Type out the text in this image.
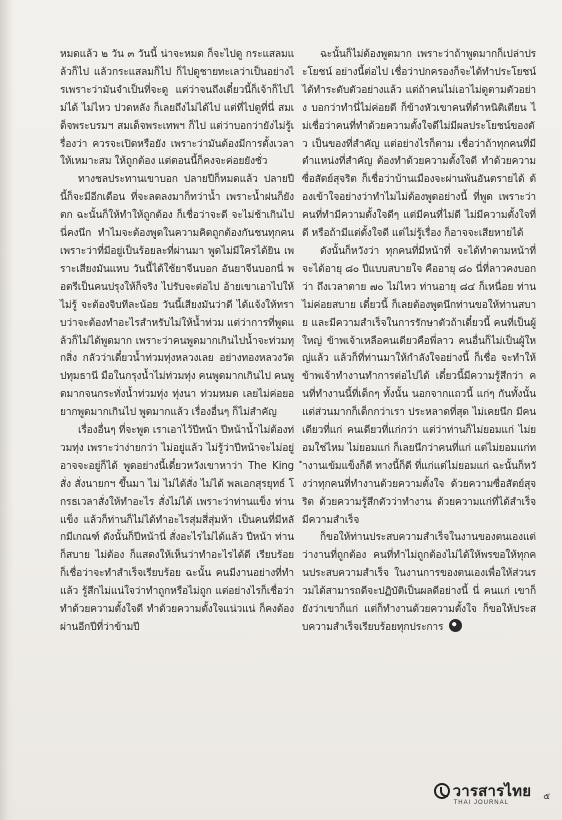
หมดแล้ว ๒ วัน ๓ วันนี้ น่าจะหมด ก็จะไปดู กระแสลมแล้วก็ไป แล้วกระแสลมก็ไป ก็ไปดูชายทะเลว่าเป็นอย่างไรเพราะว่ามันจำเป็นที่จะดู แต่ว่าจนถึงเดี๋ยวนี้ก็เจ้าก็ไปไม่ได้ ไม่ไหว ปวดหลัง ก็เลยถึงไม่ได้ไป แต่ที่ไปดูที่นี่ สมเด็จพระบรมฯ สมเด็จพระเทพฯ ก็ไป แต่ว่าบอกว่ายังไม่รู้เรื่องว่า ควรจะเปิดหรือยัง เพราะว่ามันต้องมีการตั้งเวลาให้เหมาะสม ให้ถูกต้อง แต่ตอนนี้ก็คงจะค่อยยังชั่ว

ทางชลประทานเขาบอก ปลายปีก็หมดแล้ว ปลายปีนี้ก็จะมีอีกเดือน ที่จะลดลงมาก็ทว่าน้ำ เพราะน้ำฝนก็ยังตก ฉะนั้นก็ให้ทำให้ถูกต้อง ก็เชื่อว่าจะดี จะไม่ช้าเกินไป นี่คงนึก ทำไมจะต้องพูดในความคิดถูกต้องกันชนทุกคน เพราะว่าที่มีอยู่เป็นร้อยละที่ผ่านมา พูดไม่มีใครได้ยิน เพราะเสียงมันแหบ วันนี้ได้ใช้ยาจีนบอก อันยาจีนบอกนี่ พอตรีเป็นคนปรุงให้ก็จริง ไปรับจะต่อไป อ้ายเขาเอาไปให้ ไม่รู้ จะต้องจิบทีละน้อย วันนี้เสียงมันว่าดี ได้แจ้งให้ทราบว่าจะต้องทำอะไรสำหรับไม่ให้น้ำท่วม แต่ว่าการที่พูดแล้วก็ไม่ได้พูดมาก เพราะว่าคนพูดมากเกินไปน้ำจะท่วมทุกสิ่ง กลัวว่าเดี๋ยวน้ำท่วมทุ่งหลวงเลย อย่างทองหลวงวัดปทุมธานี มือในกรุงน้ำไม่ท่วมทุ่ง คนพูดมากเกินไป คนพูดมากจนกระทั่งน้ำท่วมทุ่ง ทุ่งนา ท่วมหมด เลยไม่ค่อยอยากพูดมากเกินไป พูดมากแล้ว เรื่องอื่นๆ ก็ไม่สำคัญ

เรื่องอื่นๆ ที่จะพูด เราเอาไว้ปีหน้า ปีหน้าน้ำไม่ต้องท่วมทุ่ง เพราะว่าง่ายกว่า ไม่อยู่แล้ว ไม่รู้ว่าปีหน้าจะไม่อยู่ อาจจะอยู่ก็ได้ พูดอย่างนี้เดี๋ยวหวังเขาหาว่า The King สั่ง สั่งนายกฯ ขึ้นมา ไม่ ไม่ได้สั่ง ไม่ได้ พลเอกสุรยุทธ์ โกรธเวลาสั่งให้ทำอะไร สั่งไม่ได้ เพราะว่าท่านแข็ง ท่านแข็ง แล้วก็ท่านก็ไม่ได้ทำอะไรสุ่มสี่สุ่มห้า เป็นคนที่มีหลักมีเกณฑ์ ดังนั้นก็ปีหน้านี่ สั่งอะไรไม่ได้แล้ว ปีหน้า ท่านก็สบาย ไม่ต้อง ก็แสดงให้เห็นว่าทำอะไรได้ดี เรียบร้อย ก็เชื่อว่าจะทำสำเร็จเรียบร้อย ฉะนั้น คนมีงานอย่างที่ทำแล้ว รู้สึกไม่แน่ใจว่าทำถูกหรือไม่ถูก แต่อย่างไรก็เชื่อว่าทำด้วยความตั้งใจดี ทำด้วยความตั้งใจแน่วแน่ ก็คงต้องผ่านอีกปีที่ว่าข้ามปี

ฉะนั้นก็ไม่ต้องพูดมาก เพราะว่าถ้าพูดมากก็เปล่าประโยชน์ อย่างนี้ต่อไป เชื่อว่าปกครองก็จะได้ทำประโยชน์ได้ทำระดับตัวอย่างแล้ว แต่ถ้าคนไม่เอาไม่ดูตามตัวอย่าง บอกว่าทำนี่ไม่ค่อยดี ก็ข้างหัวเขาคนที่ตำหนิติเตียน ไม่เชื่อว่าคนที่ทำด้วยความตั้งใจดีไม่มีผลประโยชน์ของตัว เป็นของที่สำคัญ แต่อย่างไรก็ตาม เชื่อว่าถ้าทุกคนที่มีตำแหน่งที่สำคัญ ต้องทำด้วยความตั้งใจดี ทำด้วยความซื่อสัตย์สุจริต ก็เชื่อว่าบ้านเมืองจะผ่านพ้นอันตรายได้ ต้องเข้าใจอย่างว่าทำไมไม่ต้องพูดอย่างนี้ ที่พูด เพราะว่าคนที่ทำมีความตั้งใจดีๆ แต่มีคนที่ไม่ดี ไม่มีความตั้งใจที่ดี หรือถ้ามีแต่ตั้งใจดี แต่ไม่รู้เรื่อง ก็อาจจะเสียหายได้

ดังนั้นก็หวังว่า ทุกคนที่มีหน้าที่ จะได้ทำตามหน้าที่ จะได้อายุ ๘๐ ปีแบบสบายใจ คืออายุ ๘๐ นี่ที่ลาวคงบอกว่า ถึงเวลาตาย ๗๐ ไม่ไหว ท่านอายุ ๘๔ ก็เหนื่อย ท่านไม่ค่อยสบาย เดี๋ยวนี้ ก็เลยต้องพูดนึกท่านขอให้ท่านสบาย และมีความสำเร็จในการรักษาตัวถ้าเดี๋ยวนี้ คนที่เป็นผู้ใหญ่ ข้าพเจ้าเหลือคนเดียวคือพี่ลาว คนอื่นก็ไม่เป็นผู้ใหญ่แล้ว แล้วก็ที่ท่านมาให้กำลังใจอย่างนี้ ก็เชื่อ จะทำให้ข้าพเจ้าทำงานทำการต่อไปได้ เดี๋ยวนี้มีความรู้สึกว่า คนที่ทำงานนี้ที่เด็กๆ ทั้งนั้น นอกจากแถวนี้ แก่ๆ กันทั้งนั้น แต่ส่วนมากก็เด็กกว่าเรา ประหลาดที่สุด ไม่เคยนึก มีคนเดียวที่แก่ คนเดียวที่แก่กว่า แต่ว่าท่านก็ไม่ยอมแก่ ไม่ยอมใช่ไหม ไม่ยอมแก่ ก็เลยนึกว่าคนที่แก่ แต่ไม่ยอมแก่ทำงานเข้มแข็งก็ดี ทางนี้ก็ดี ที่แก่แต่ไม่ยอมแก่ ฉะนั้นก็หวังว่าทุกคนที่ทำงานด้วยความตั้งใจ ด้วยความซื่อสัตย์สุจริต ด้วยความรู้สึกตัวว่าทำงาน ด้วยความแก่ที่ได้สำเร็จ มีความสำเร็จ

ก็ขอให้ท่านประสบความสำเร็จในงานของตนเองแต่ว่างานที่ถูกต้อง คนที่ทำไม่ถูกต้องไม่ได้ให้พรขอให้ทุกคนประสบความสำเร็จ ในงานการของตนเองเพื่อให้ส่วนรวมได้สามารถดีจะปฏิบัติเป็นผลดีอย่างนี้ นี่ คนแก่ เขาก็ยังว่าเขาก็แก่ แต่ก็ทำงานด้วยความตั้งใจ ก็ขอให้ประสบความสำเร็จเรียบร้อยทุกประการ

วารสารไทย
THAI JOURNAL
๕
